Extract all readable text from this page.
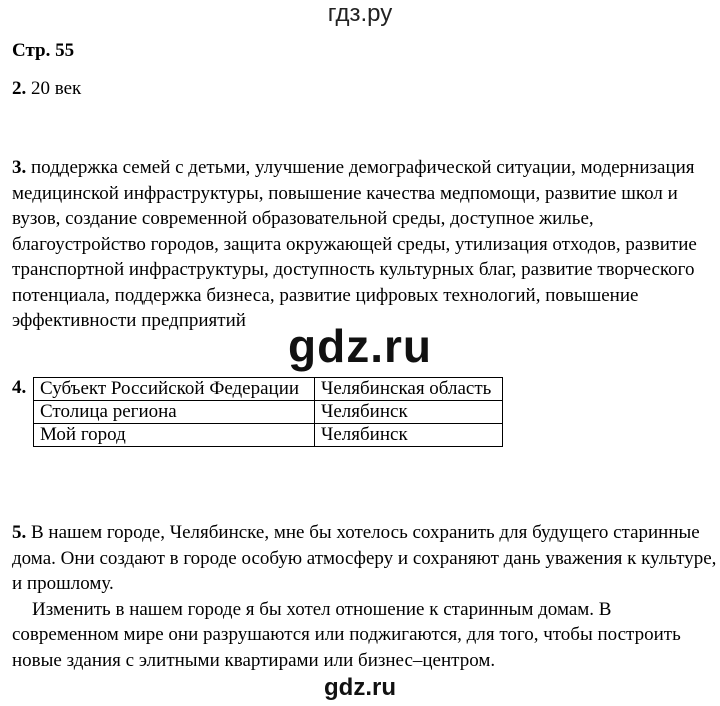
гдз.ру
Стр. 55
2. 20 век
3. поддержка семей с детьми, улучшение демографической ситуации, модернизация медицинской инфраструктуры, повышение качества медпомощи, развитие школ и вузов, создание современной образовательной среды, доступное жилье, благоустройство городов, защита окружающей среды, утилизация отходов, развитие транспортной инфраструктуры, доступность культурных благ, развитие творческого потенциала, поддержка бизнеса, развитие цифровых технологий, повышение эффективности предприятий gdz.ru
4. Субъект Российской Федерации	Челябинская область
Столица региона	Челябинск
Мой город	Челябинск
5. В нашем городе, Челябинске, мне бы хотелось сохранить для будущего старинные дома. Они создают в городе особую атмосферу и сохраняют дань уважения к культуре, и прошлому.
Изменить в нашем городе я бы хотел отношение к старинным домам. В современном мире они разрушаются или поджигаются, для того, чтобы построить новые здания с элитными квартирами или бизнес–центром.
gdz.ru
